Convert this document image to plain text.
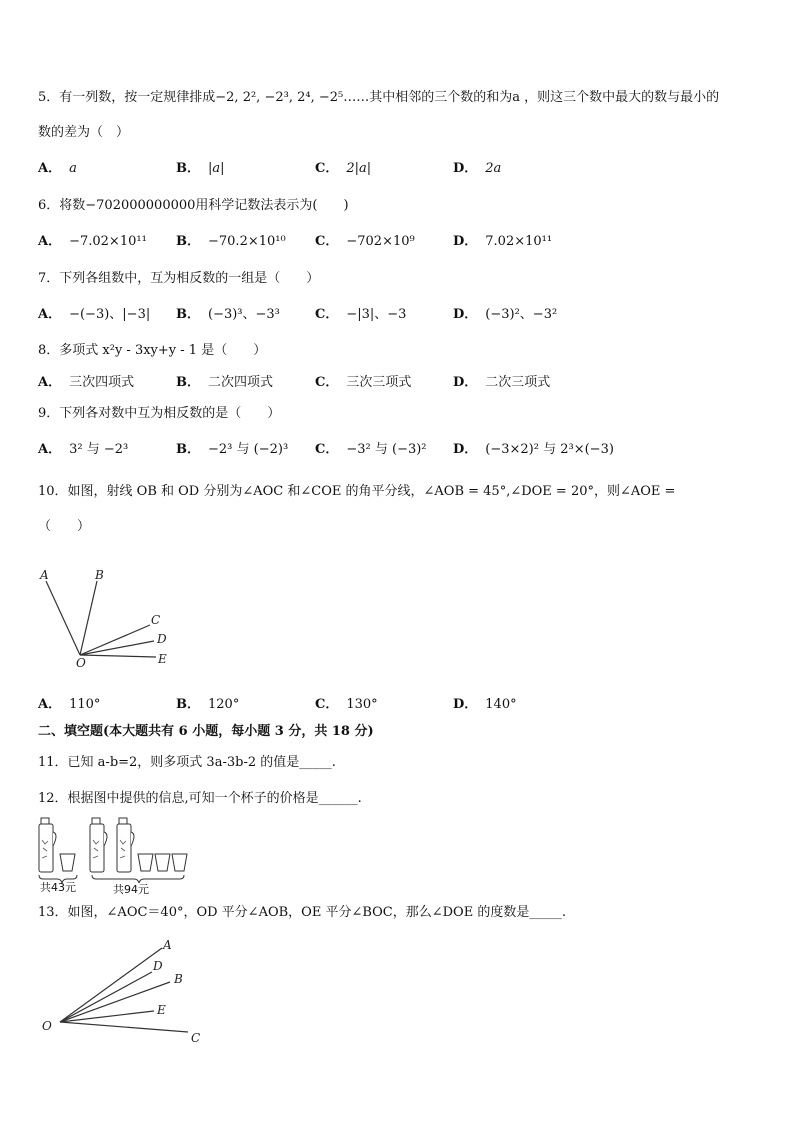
5．有一列数，按一定规律排成−2, 2², −2³, 2⁴, −2⁵……其中相邻的三个数的和为a ，则这三个数中最大的数与最小的
数的差为（　）
A． a	B． |a|	C． 2|a|	D． 2a
6．将数−702000000000用科学记数法表示为(　　)
A． −7.02×10¹¹ B． −70.2×10¹⁰ C． −702×10⁹	D． 7.02×10¹¹
7．下列各组数中，互为相反数的一组是（　　）
A． −(−3)、|−3| B． (−3)³、−3³	C． −|3|、−3	D． (−3)²、−3²
8．多项式 x²y - 3xy+y - 1 是（　　）
A． 三次四项式	B． 二次四项式	C． 三次三项式	D． 二次三项式
9．下列各对数中互为相反数的是（　　）
A． 3² 与 −2³	B． −2³ 与 (−2)³ C． −3² 与 (−3)² D． (−3×2)² 与 2³×(−3)
10．如图，射线 OB 和 OD 分别为∠AOC 和∠COE 的角平分线，∠AOB = 45°,∠DOE = 20°，则∠AOE =
（　　）
A	B
C
D
E
O
A． 110°	B． 120°	C． 130°	D． 140°
二、填空题(本大题共有 6 小题，每小题 3 分，共 18 分)
11．已知 a-b=2，则多项式 3a-3b-2 的值是_____.
12．根据图中提供的信息,可知一个杯子的价格是______.
共43元	共94元
13．如图，∠AOC＝40°，OD 平分∠AOB，OE 平分∠BOC，那么∠DOE 的度数是_____.
A
D
B
E
C
O
